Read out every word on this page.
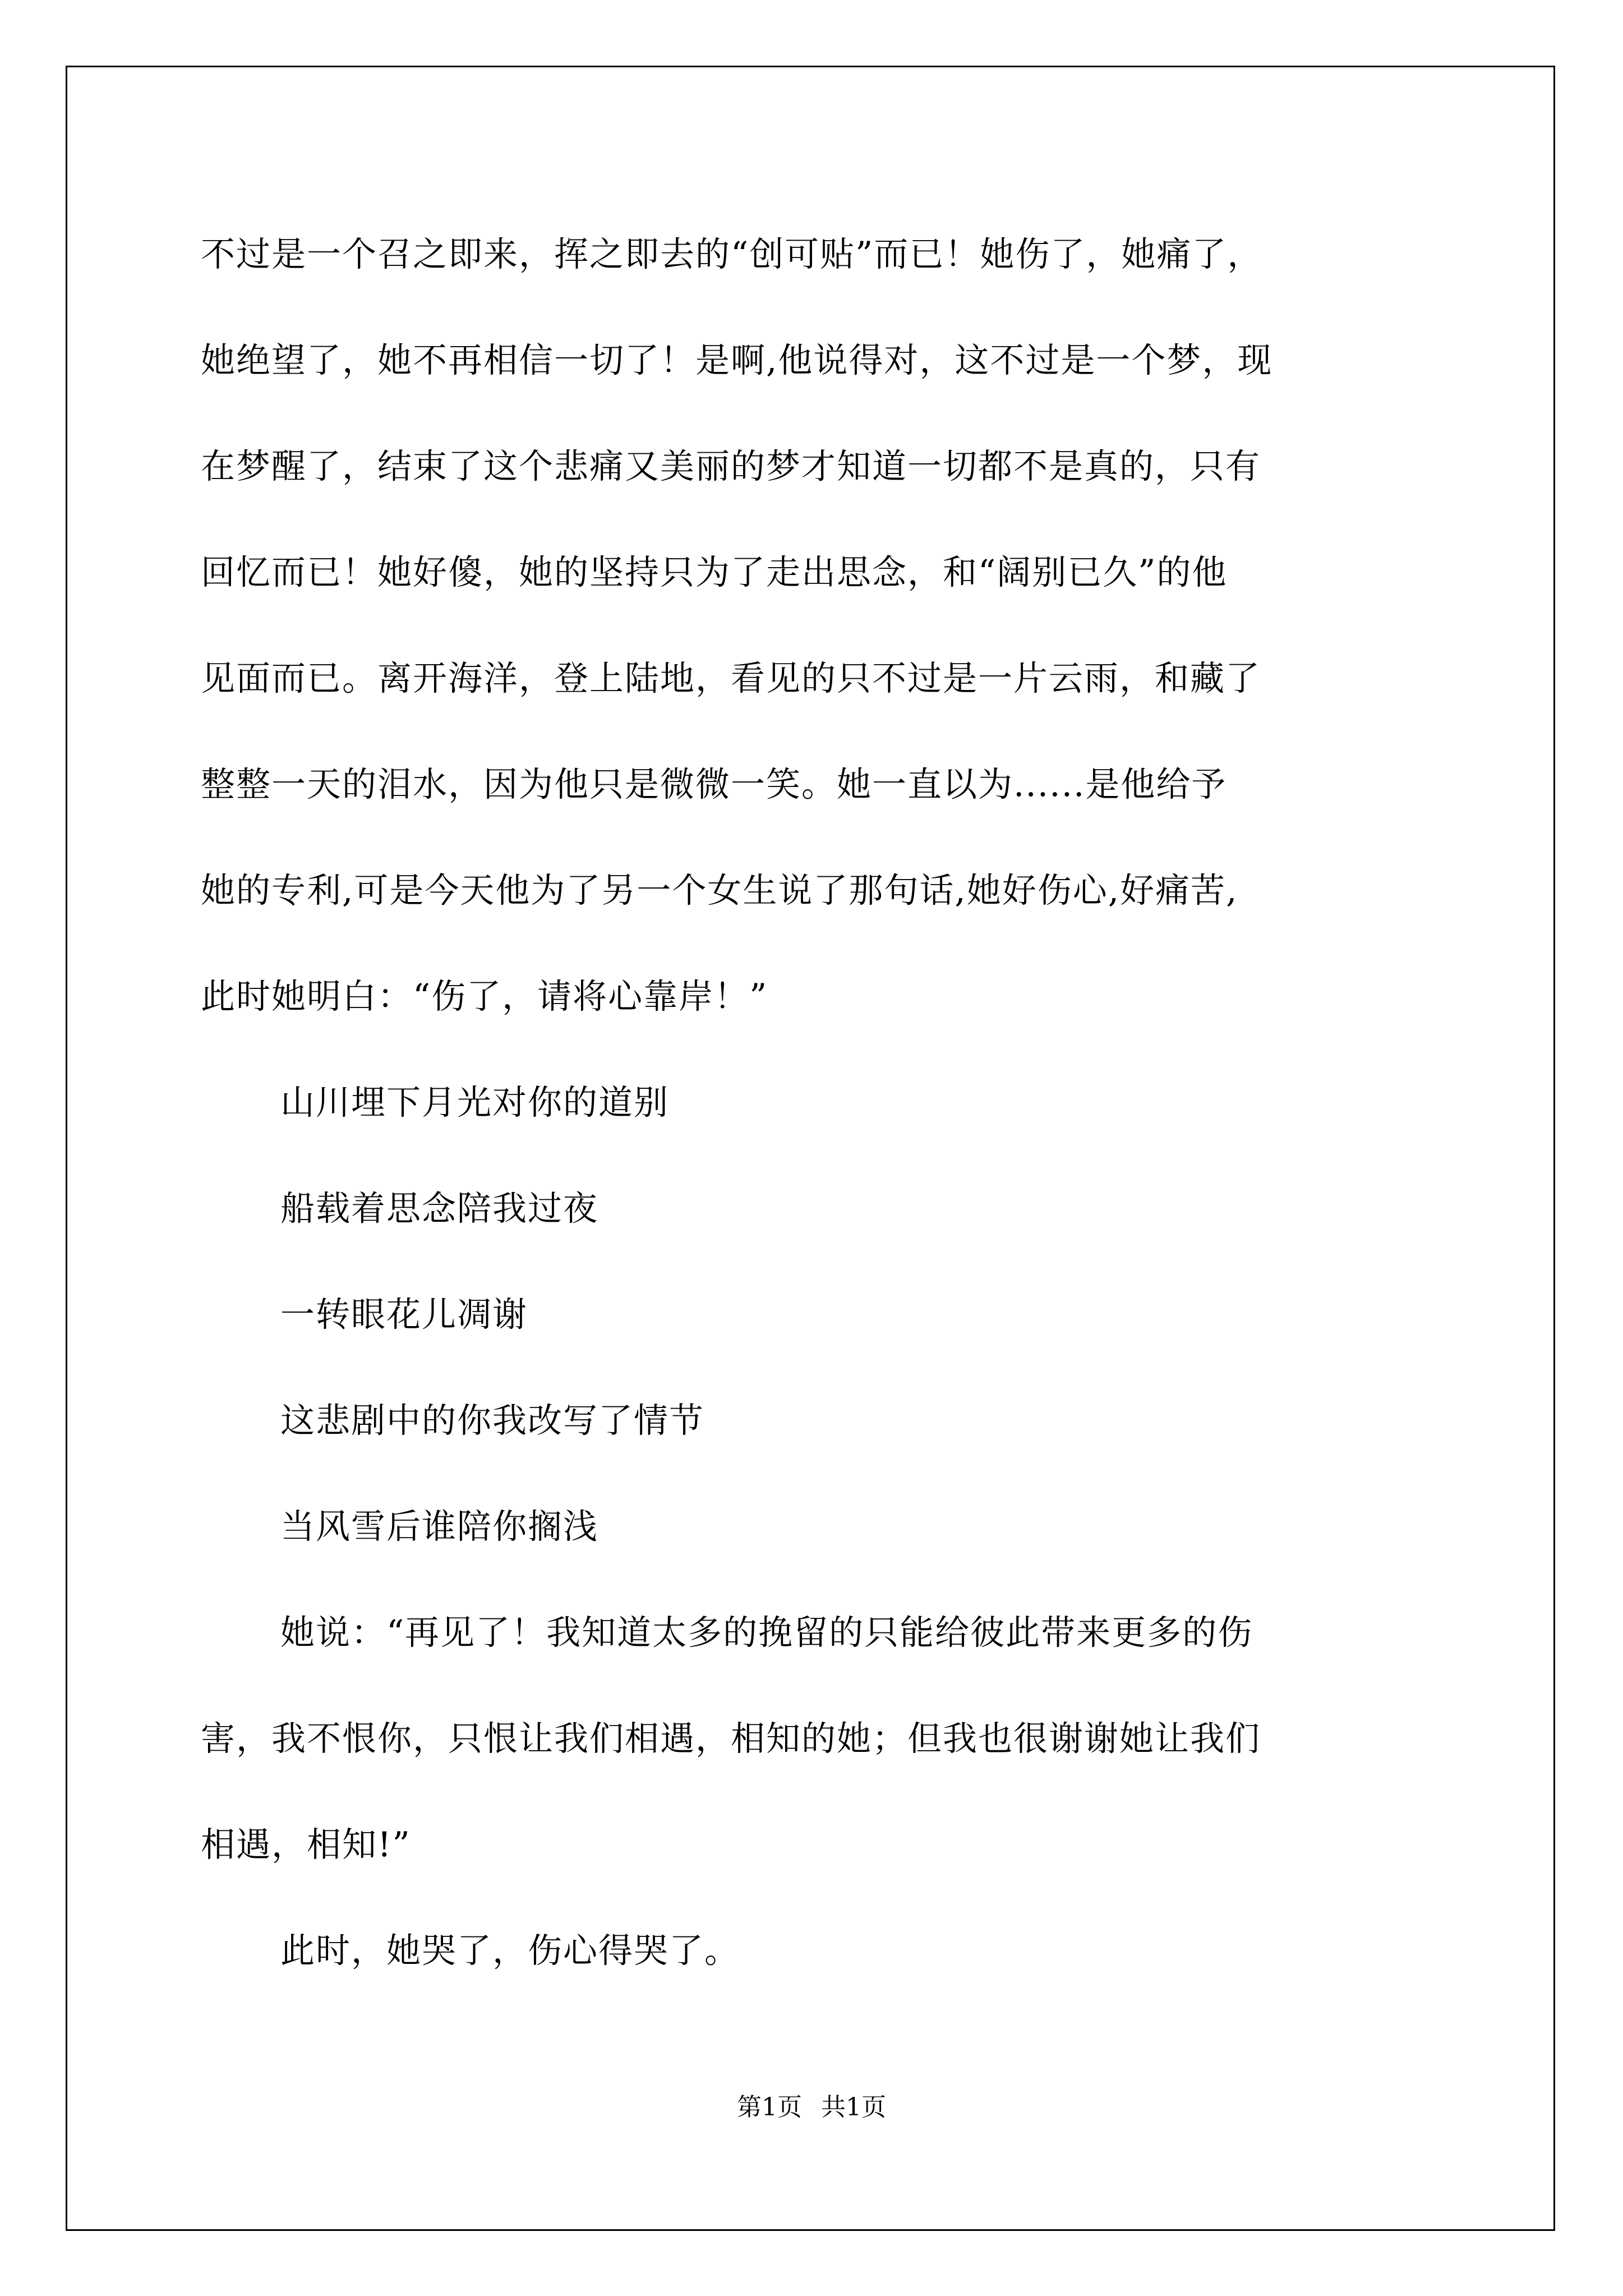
不过是一个召之即来，挥之即去的“创可贴”而已！她伤了，她痛了，
她绝望了，她不再相信一切了！是啊,他说得对，这不过是一个梦，现
在梦醒了，结束了这个悲痛又美丽的梦才知道一切都不是真的，只有
回忆而已！她好傻，她的坚持只为了走出思念，和“阔别已久”的他
见面而已。离开海洋，登上陆地，看见的只不过是一片云雨，和藏了
整整一天的泪水，因为他只是微微一笑。她一直以为......是他给予
她的专利,可是今天他为了另一个女生说了那句话,她好伤心,好痛苦,
此时她明白：“伤了，请将心靠岸！”
山川埋下月光对你的道别
船载着思念陪我过夜
一转眼花儿凋谢
这悲剧中的你我改写了情节
当风雪后谁陪你搁浅
她说：“再见了！我知道太多的挽留的只能给彼此带来更多的伤
害，我不恨你，只恨让我们相遇，相知的她；但我也很谢谢她让我们
相遇，相知!”
此时，她哭了，伤心得哭了。
第1页 共1页
